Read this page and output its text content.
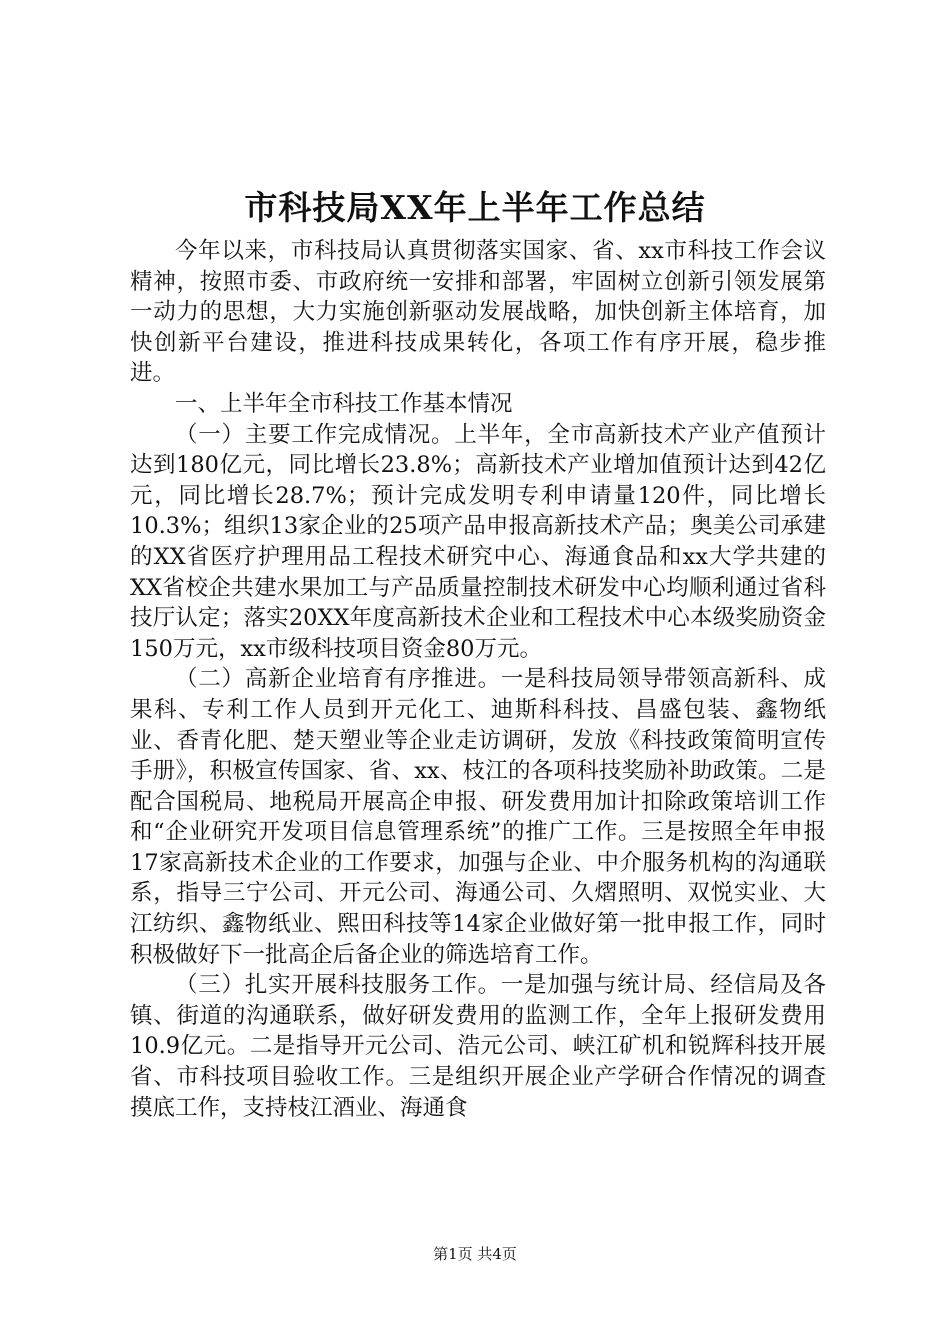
市科技局XX年上半年工作总结

今年以来，市科技局认真贯彻落实国家、省、xx市科技工作会议精神，按照市委、市政府统一安排和部署，牢固树立创新引领发展第一动力的思想，大力实施创新驱动发展战略，加快创新主体培育，加快创新平台建设，推进科技成果转化，各项工作有序开展，稳步推进。

一、上半年全市科技工作基本情况

（一）主要工作完成情况。上半年，全市高新技术产业产值预计达到180亿元，同比增长23.8%；高新技术产业增加值预计达到42亿元，同比增长28.7%；预计完成发明专利申请量120件，同比增长10.3%；组织13家企业的25项产品申报高新技术产品；奥美公司承建的XX省医疗护理用品工程技术研究中心、海通食品和xx大学共建的XX省校企共建水果加工与产品质量控制技术研发中心均顺利通过省科技厅认定；落实20XX年度高新技术企业和工程技术中心本级奖励资金150万元，xx市级科技项目资金80万元。

（二）高新企业培育有序推进。一是科技局领导带领高新科、成果科、专利工作人员到开元化工、迪斯科科技、昌盛包装、鑫物纸业、香青化肥、楚天塑业等企业走访调研，发放《科技政策简明宣传手册》，积极宣传国家、省、xx、枝江的各项科技奖励补助政策。二是配合国税局、地税局开展高企申报、研发费用加计扣除政策培训工作和“企业研究开发项目信息管理系统”的推广工作。三是按照全年申报17家高新技术企业的工作要求，加强与企业、中介服务机构的沟通联系，指导三宁公司、开元公司、海通公司、久熠照明、双悦实业、大江纺织、鑫物纸业、熙田科技等14家企业做好第一批申报工作，同时积极做好下一批高企后备企业的筛选培育工作。

（三）扎实开展科技服务工作。一是加强与统计局、经信局及各镇、街道的沟通联系，做好研发费用的监测工作，全年上报研发费用10.9亿元。二是指导开元公司、浩元公司、峡江矿机和锐辉科技开展省、市科技项目验收工作。三是组织开展企业产学研合作情况的调查摸底工作，支持枝江酒业、海通食

第1页 共4页
